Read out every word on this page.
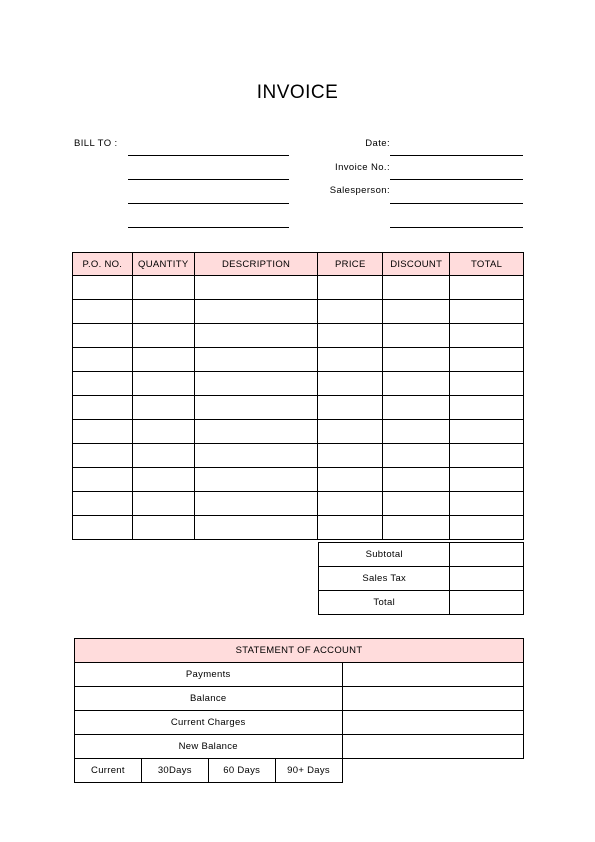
INVOICE
BILL TO :	Date:
Invoice No.:
Salesperson:
P.O. NO.	QUANTITY	DESCRIPTION	PRICE	DISCOUNT	TOTAL

Subtotal	
Sales Tax	
Total	
STATEMENT OF ACCOUNT				
Payments				
Balance				
Current Charges				
New Balance				
Current	30Days	60 Days	90+ Days	
